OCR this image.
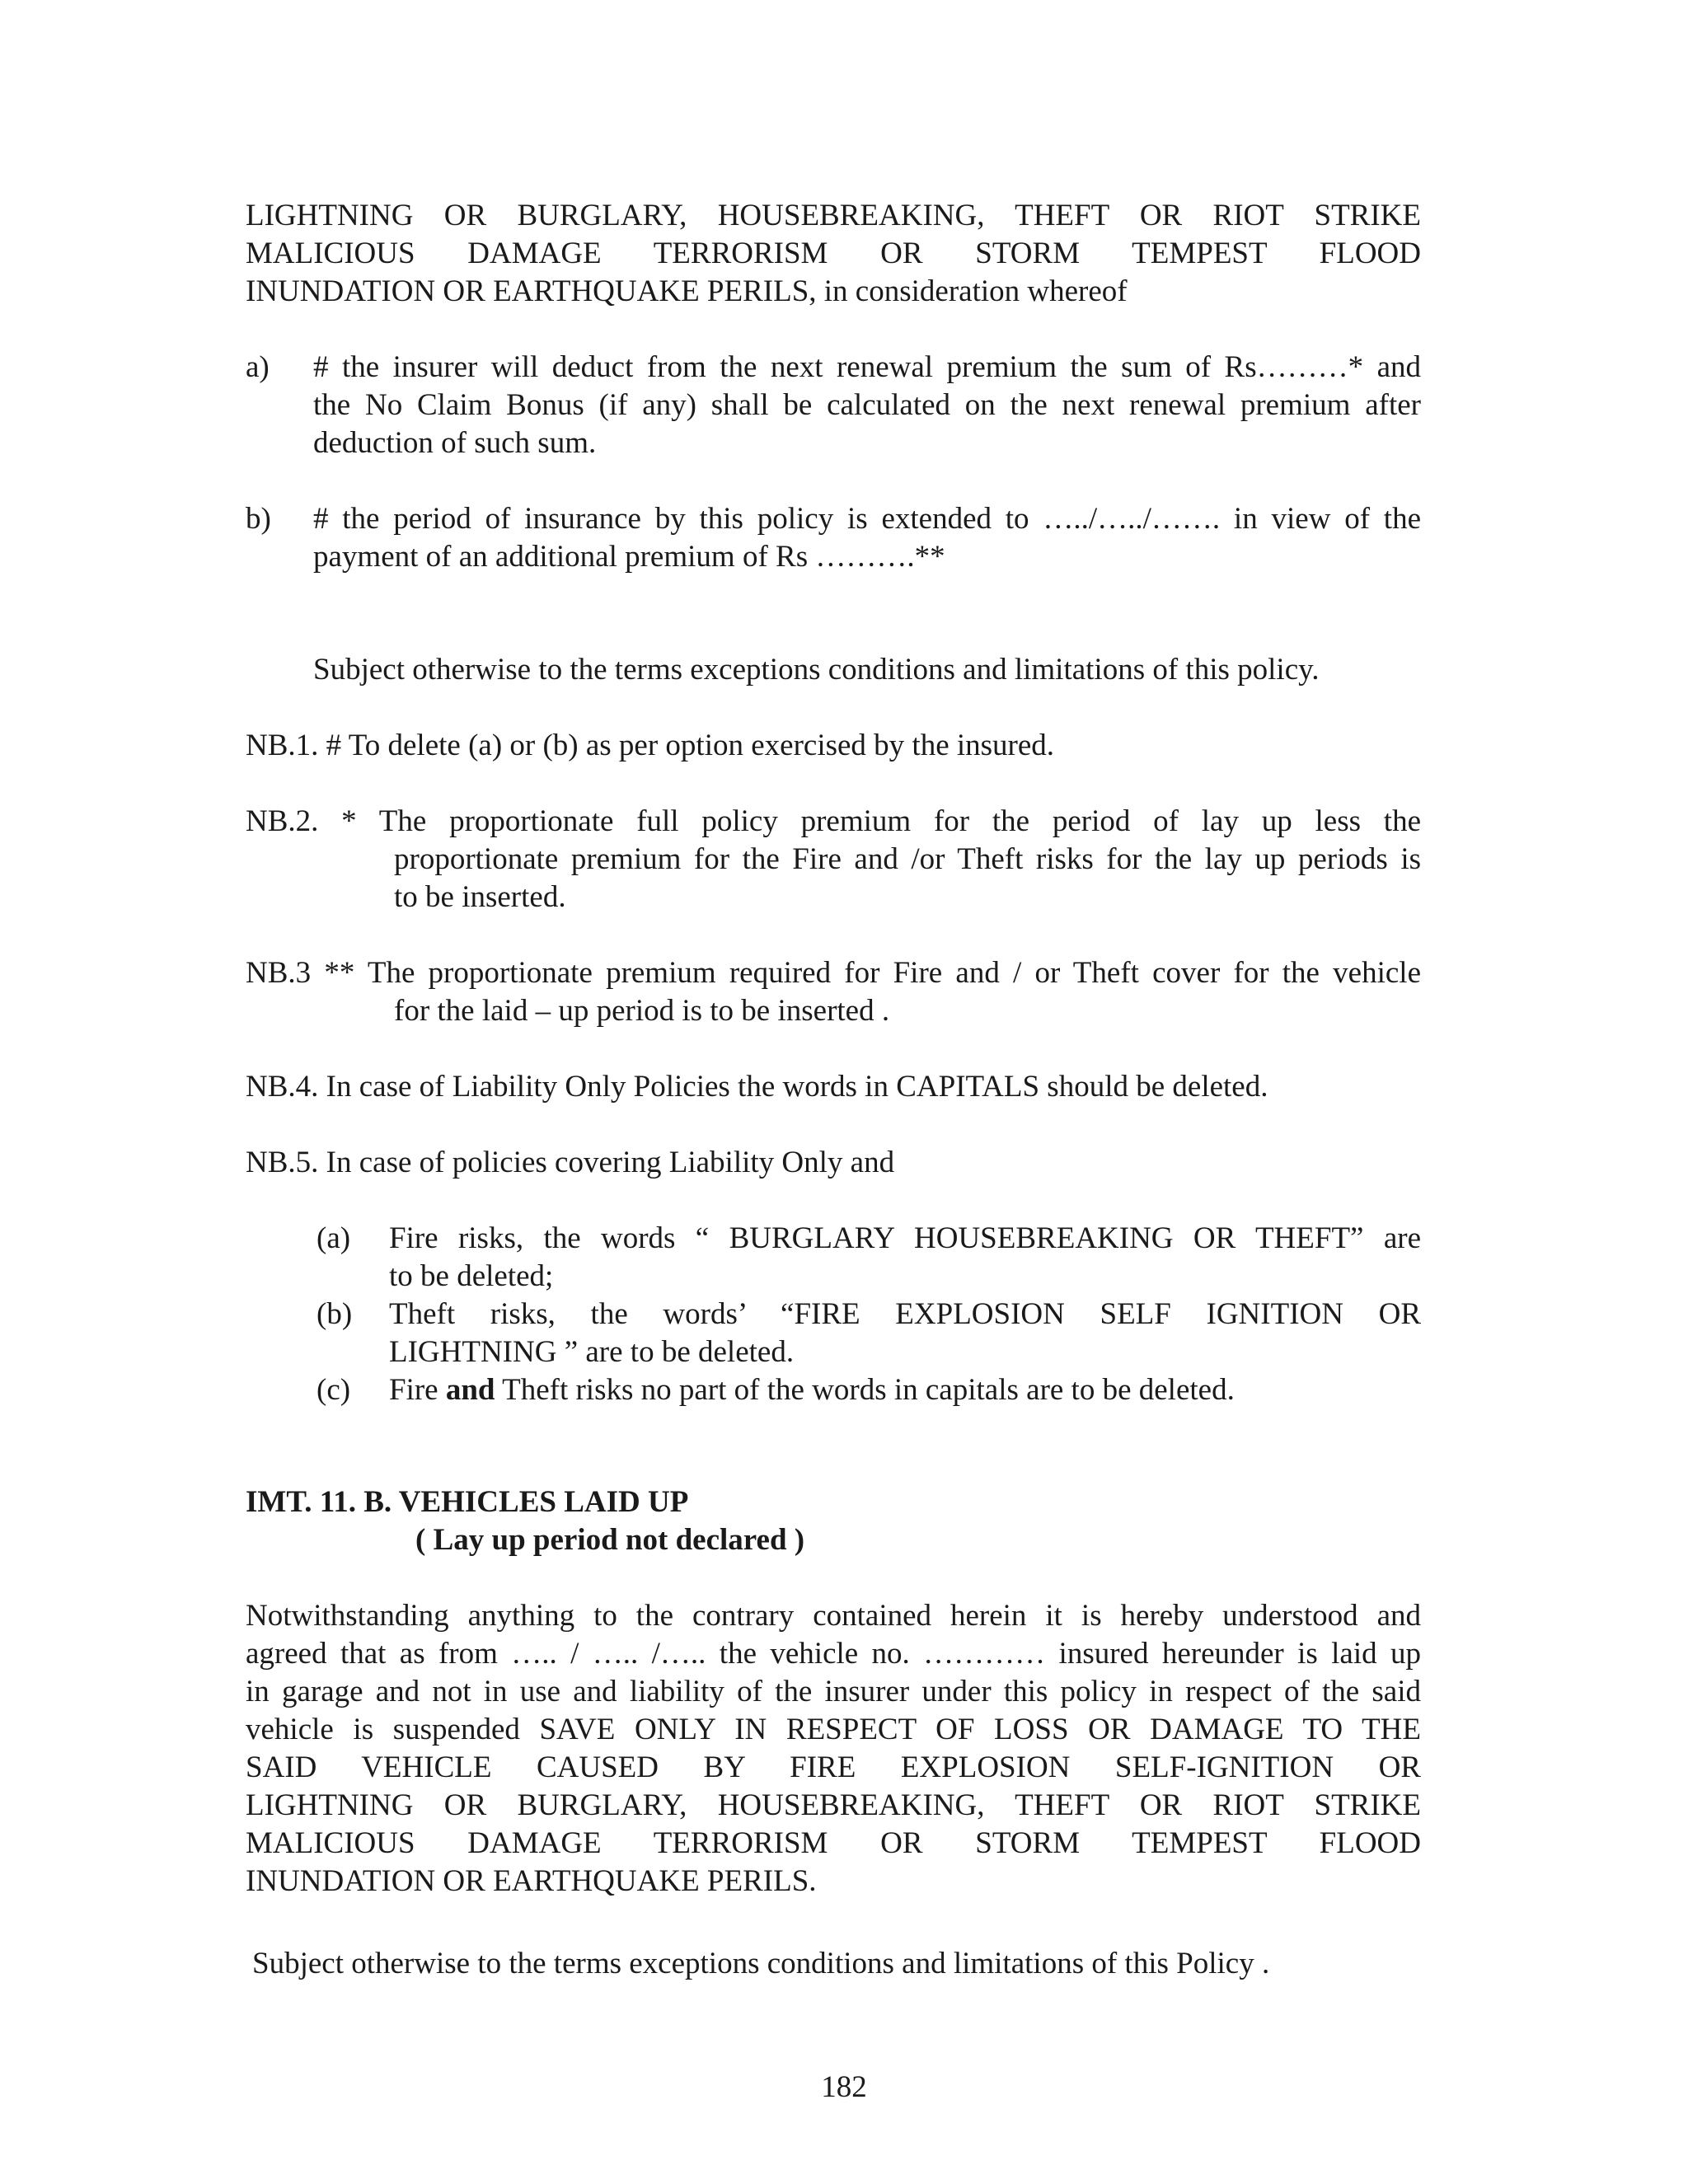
LIGHTNING OR BURGLARY, HOUSEBREAKING, THEFT OR RIOT STRIKE
MALICIOUS DAMAGE TERRORISM OR STORM TEMPEST FLOOD
INUNDATION OR EARTHQUAKE PERILS, in consideration whereof
a)	# the insurer will deduct from the next renewal premium the sum of Rs………* and
the No Claim Bonus (if any) shall be calculated on the next renewal premium after
deduction of such sum.
b)	# the period of insurance by this policy is extended to …../…../……. in view of the
payment of an additional premium of Rs ……….**
Subject otherwise to the terms exceptions conditions and limitations of this policy.
NB.1. # To delete (a) or (b) as per option exercised by the insured.
NB.2. * The proportionate full policy premium for the period of lay up less the
proportionate premium for the Fire and /or Theft risks for the lay up periods is
to be inserted.
NB.3 ** The proportionate premium required for Fire and / or Theft cover for the vehicle
for the laid – up period is to be inserted .
NB.4. In case of Liability Only Policies the words in CAPITALS should be deleted.
NB.5. In case of policies covering Liability Only and
(a)	Fire risks, the words “ BURGLARY HOUSEBREAKING OR THEFT” are
to be deleted;
(b)	Theft risks, the words’ “FIRE EXPLOSION SELF IGNITION OR
LIGHTNING ” are to be deleted.
(c)	Fire and Theft risks no part of the words in capitals are to be deleted.
IMT. 11. B. VEHICLES LAID UP
( Lay up period not declared )
Notwithstanding anything to the contrary contained herein it is hereby understood and
agreed that as from ….. / ….. /….. the vehicle no. ………… insured hereunder is laid up
in garage and not in use and liability of the insurer under this policy in respect of the said
vehicle is suspended SAVE ONLY IN RESPECT OF LOSS OR DAMAGE TO THE
SAID VEHICLE CAUSED BY FIRE EXPLOSION SELF-IGNITION OR
LIGHTNING OR BURGLARY, HOUSEBREAKING, THEFT OR RIOT STRIKE
MALICIOUS DAMAGE TERRORISM OR STORM TEMPEST FLOOD
INUNDATION OR EARTHQUAKE PERILS.
Subject otherwise to the terms exceptions conditions and limitations of this Policy .
182
